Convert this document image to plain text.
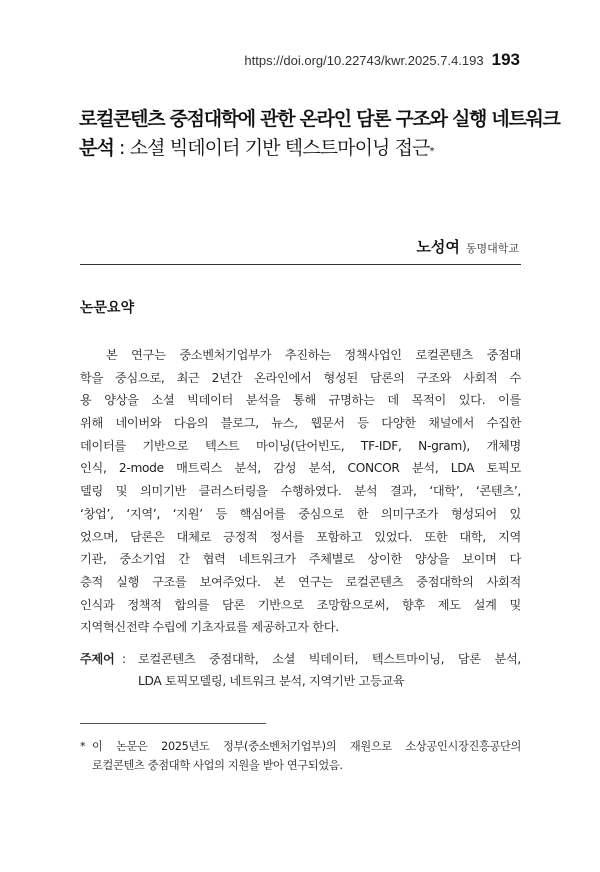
https://doi.org/10.22743/kwr.2025.7.4.193 193
로컬콘텐츠 중점대학에 관한 온라인 담론 구조와 실행 네트워크
분석 : 소셜 빅데이터 기반 텍스트마이닝 접근*
노성여 동명대학교
논문요약
본 연구는 중소벤처기업부가 추진하는 정책사업인 로컬콘텐츠 중점대
학을 중심으로, 최근 2년간 온라인에서 형성된 담론의 구조와 사회적 수
용 양상을 소셜 빅데이터 분석을 통해 규명하는 데 목적이 있다. 이를
위해 네이버와 다음의 블로그, 뉴스, 웹문서 등 다양한 채널에서 수집한
데이터를 기반으로 텍스트 마이닝(단어빈도, TF-IDF, N-gram), 개체명
인식, 2-mode 매트릭스 분석, 감성 분석, CONCOR 분석, LDA 토픽모
델링 및 의미기반 클러스터링을 수행하였다. 분석 결과, ‘대학’, ‘콘텐츠’,
‘창업’, ‘지역’, ‘지원’ 등 핵심어를 중심으로 한 의미구조가 형성되어 있
었으며, 담론은 대체로 긍정적 정서를 포함하고 있었다. 또한 대학, 지역
기관, 중소기업 간 협력 네트워크가 주체별로 상이한 양상을 보이며 다
층적 실행 구조를 보여주었다. 본 연구는 로컬콘텐츠 중점대학의 사회적
인식과 정책적 합의를 담론 기반으로 조망함으로써, 향후 제도 설계 및
지역혁신전략 수립에 기초자료를 제공하고자 한다.
주제어 : 로컬콘텐츠 중점대학, 소셜 빅데이터, 텍스트마이닝, 담론 분석,
LDA 토픽모델링, 네트워크 분석, 지역기반 고등교육
* 이 논문은 2025년도 정부(중소벤처기업부)의 재원으로 소상공인시장진흥공단의
로컬콘텐츠 중점대학 사업의 지원을 받아 연구되었음.
